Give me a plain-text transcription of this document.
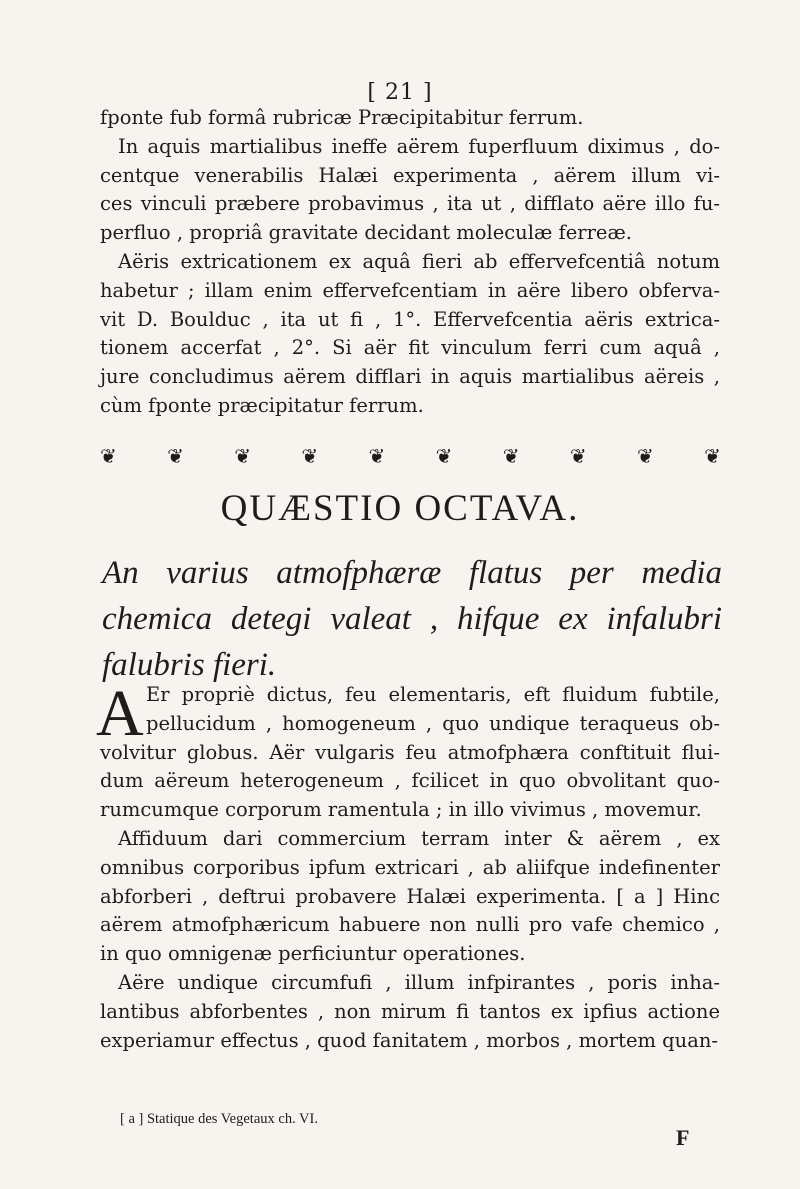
[ 21 ]
fponte fub formâ rubricæ Præcipitabitur ferrum.
In aquis martialibus ineffe aërem fuperfluum diximus , do-
centque venerabilis Halæi experimenta , aërem illum vi-
ces vinculi præbere probavimus , ita ut , difflato aëre illo fu-
perfluo , propriâ gravitate decidant moleculæ ferreæ.
Aëris extricationem ex aquâ fieri ab effervefcentiâ notum
habetur ; illam enim effervefcentiam in aëre libero obferva-
vit D. Boulduc , ita ut fi , 1°. Effervefcentia aëris extrica-
tionem accerfat , 2°. Si aër fit vinculum ferri cum aquâ ,
jure concludimus aërem difflari in aquis martialibus aëreis ,
cùm fponte præcipitatur ferrum.
❦	❦	❦	❦	❦	❦	❦	❦	❦	❦
QUÆSTIO OCTAVA.
An varius atmofphæræ flatus per media
chemica detegi valeat , hifque ex infalubri
falubris fieri.
A Er propriè dictus, feu elementaris, eft fluidum fubtile,
pellucidum , homogeneum , quo undique teraqueus ob-
volvitur globus. Aër vulgaris feu atmofphæra conftituit flui-
dum aëreum heterogeneum , fcilicet in quo obvolitant quo-
rumcumque corporum ramentula ; in illo vivimus , movemur.
Affiduum dari commercium terram inter & aërem , ex
omnibus corporibus ipfum extricari , ab aliifque indefinenter
abforberi , deftrui probavere Halæi experimenta. [ a ] Hinc
aërem atmofphæricum habuere non nulli pro vafe chemico ,
in quo omnigenæ perficiuntur operationes.
Aëre undique circumfufi , illum infpirantes , poris inha-
lantibus abforbentes , non mirum fi tantos ex ipfius actione
experiamur effectus , quod fanitatem , morbos , mortem quan-
[ a ] Statique des Vegetaux ch. VI.
F
